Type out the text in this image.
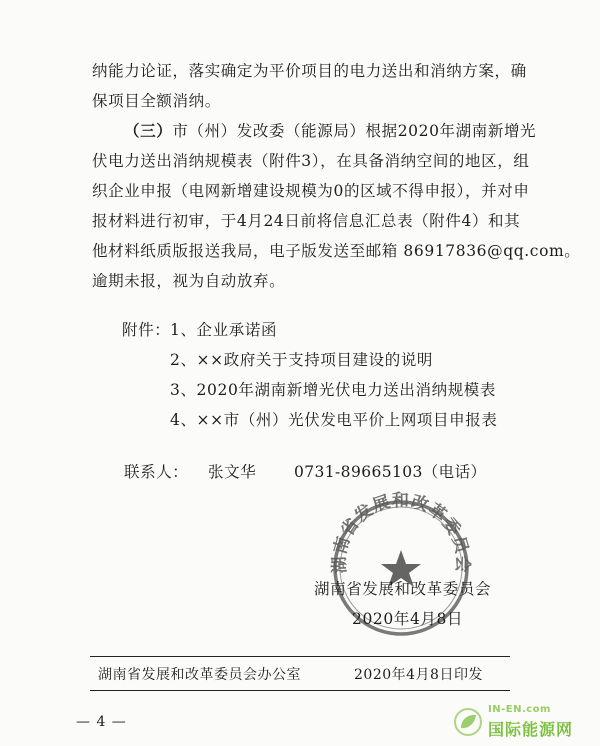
纳能力论证，落实确定为平价项目的电力送出和消纳方案，确
保项目全额消纳。

（三）市（州）发改委（能源局）根据2020年湖南新增光
伏电力送出消纳规模表（附件3），在具备消纳空间的地区，组
织企业申报（电网新增建设规模为0的区域不得申报），并对申
报材料进行初审，于4月24日前将信息汇总表（附件4）和其
他材料纸质版报送我局，电子版发送至邮箱 86917836@qq.com。
逾期未报，视为自动放弃。

附件： 1、企业承诺函
2、××政府关于支持项目建设的说明
3、2020年湖南新增光伏电力送出消纳规模表
4、××市（州）光伏发电平价上网项目申报表
联系人： 张文华 0731-89665103（电话）
湖南省发展和改革委员会
湖南省发展和改革委员会
2020年4月8日
湖南省发展和改革委员会办公室	2020年4月8日印发
— 4 —
IN-EN.com
国际能源网
